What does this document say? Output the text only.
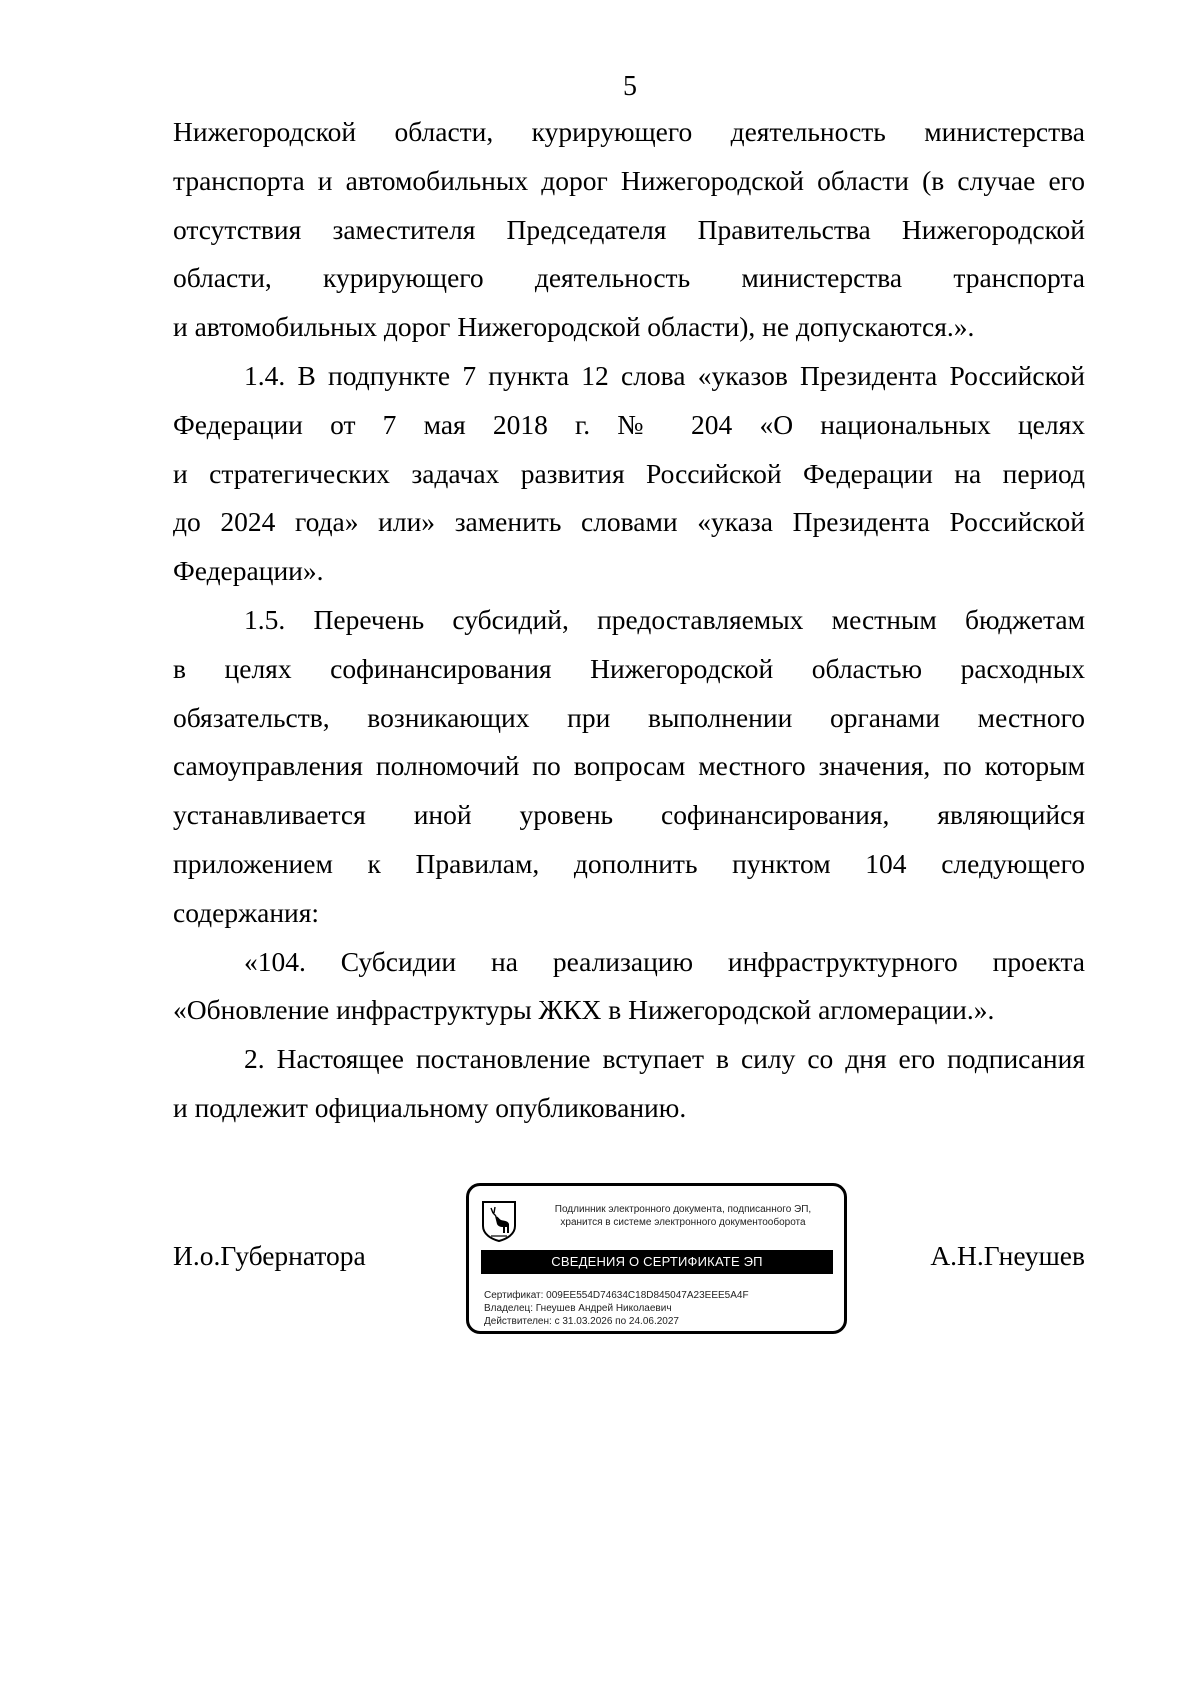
5
Нижегородской области, курирующего деятельность министерства
транспорта и автомобильных дорог Нижегородской области (в случае его
отсутствия заместителя Председателя Правительства Нижегородской
области, курирующего деятельность министерства транспорта
и автомобильных дорог Нижегородской области), не допускаются.».
1.4. В подпункте 7 пункта 12 слова «указов Президента Российской
Федерации от 7 мая 2018 г. № 204 «О национальных целях
и стратегических задачах развития Российской Федерации на период
до 2024 года» или» заменить словами «указа Президента Российской
Федерации».
1.5. Перечень субсидий, предоставляемых местным бюджетам
в целях софинансирования Нижегородской областью расходных
обязательств, возникающих при выполнении органами местного
самоуправления полномочий по вопросам местного значения, по которым
устанавливается иной уровень софинансирования, являющийся
приложением к Правилам, дополнить пунктом 104 следующего
содержания:
«104. Субсидии на реализацию инфраструктурного проекта
«Обновление инфраструктуры ЖКХ в Нижегородской агломерации.».
2. Настоящее постановление вступает в силу со дня его подписания
и подлежит официальному опубликованию.
И.о.Губернатора	А.Н.Гнеушев
Подлинник электронного документа, подписанного ЭП,
хранится в системе электронного документооборота
СВЕДЕНИЯ О СЕРТИФИКАТЕ ЭП
Сертификат: 009EE554D74634C18D845047A23EEE5A4F
Владелец: Гнеушев Андрей Николаевич
Действителен: с 31.03.2026 по 24.06.2027
